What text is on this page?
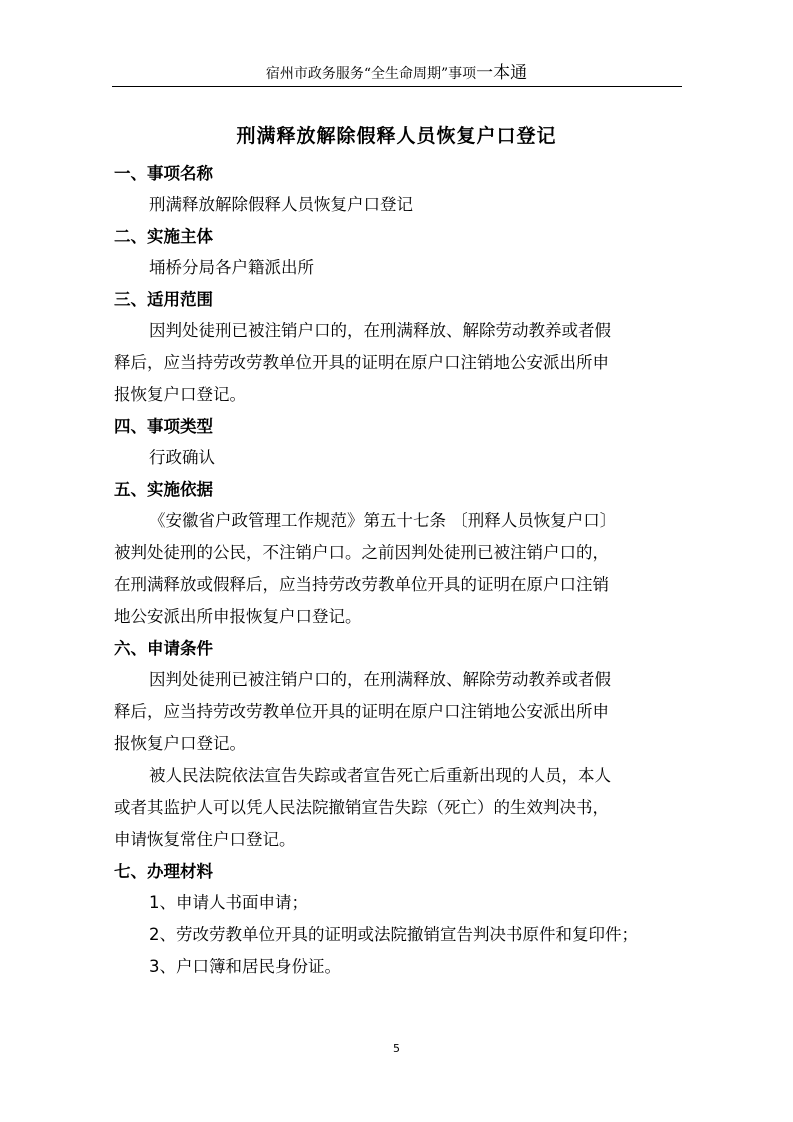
宿州市政务服务“全生命周期”事项一本通
刑满释放解除假释人员恢复户口登记
一、事项名称
刑满释放解除假释人员恢复户口登记
二、实施主体
埇桥分局各户籍派出所
三、适用范围
因判处徒刑已被注销户口的，在刑满释放、解除劳动教养或者假
释后，应当持劳改劳教单位开具的证明在原户口注销地公安派出所申
报恢复户口登记。
四、事项类型
行政确认
五、实施依据
《安徽省户政管理工作规范》第五十七条 〔刑释人员恢复户口〕
被判处徒刑的公民，不注销户口。之前因判处徒刑已被注销户口的，
在刑满释放或假释后，应当持劳改劳教单位开具的证明在原户口注销
地公安派出所申报恢复户口登记。
六、申请条件
因判处徒刑已被注销户口的，在刑满释放、解除劳动教养或者假
释后，应当持劳改劳教单位开具的证明在原户口注销地公安派出所申
报恢复户口登记。
被人民法院依法宣告失踪或者宣告死亡后重新出现的人员，本人
或者其监护人可以凭人民法院撤销宣告失踪（死亡）的生效判决书，
申请恢复常住户口登记。
七、办理材料
1、申请人书面申请；
2、劳改劳教单位开具的证明或法院撤销宣告判决书原件和复印件；
3、户口簿和居民身份证。
5
